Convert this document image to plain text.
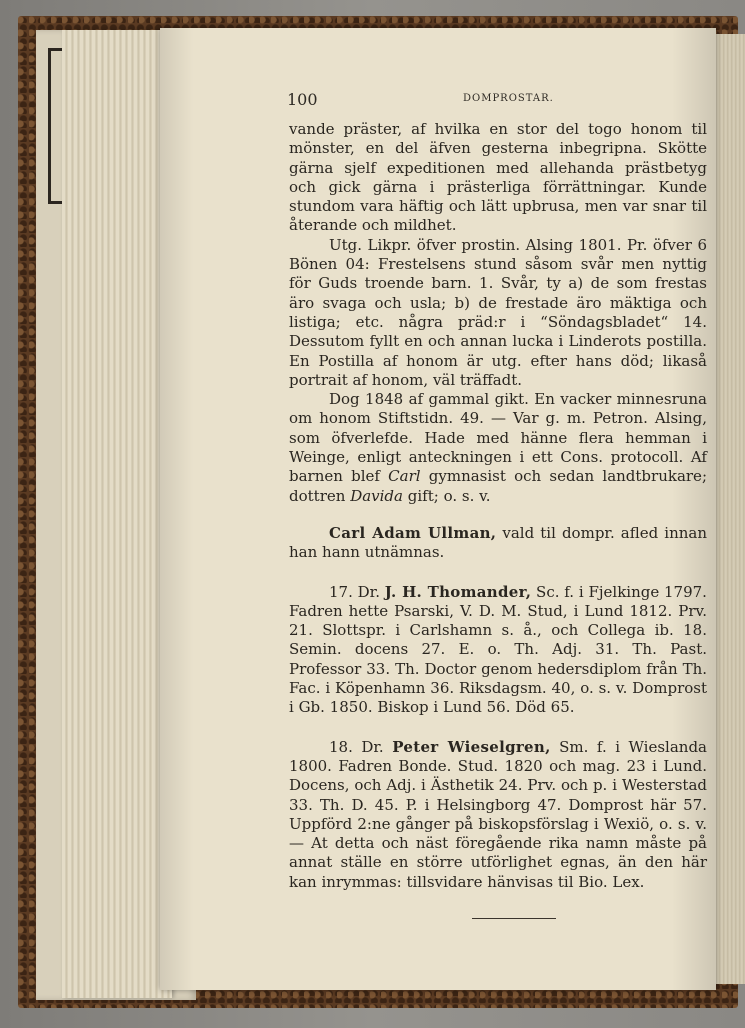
100	DOMPROSTAR.

vande präster, af hvilka en stor del togo honom til mönster, en del äfven gesterna inbegripna. Skötte gärna sjelf expeditionen med allehanda prästbetyg och gick gärna i prästerliga förrättningar. Kunde stundom vara häftig och lätt upbrusa, men var snar til återande och mildhet.

Utg. Likpr. öfver prostin. Alsing 1801. Pr. öfver 6 Bönen 04: Frestelsens stund såsom svår men nyttig för Guds troende barn. 1. Svår, ty a) de som frestas äro svaga och usla; b) de frestade äro mäktiga och listiga; etc. några präd:r i “Söndagsbladet“ 14. Dessutom fyllt en och annan lucka i Linderots postilla. En Postilla af honom är utg. efter hans död; likaså portrait af honom, väl träffadt.

Dog 1848 af gammal gikt. En vacker minnesruna om honom Stiftstidn. 49. — Var g. m. Petron. Alsing, som öfverlefde. Hade med hänne flera hemman i Weinge, enligt anteckningen i ett Cons. protocoll. Af barnen blef Carl gymnasist och sedan landtbrukare; dottren Davida gift; o. s. v.

Carl Adam Ullman, vald til dompr. afled innan han hann utnämnas.

17. Dr. J. H. Thomander, Sc. f. i Fjelkinge 1797. Fadren hette Psarski, V. D. M. Stud, i Lund 1812. Prv. 21. Slottspr. i Carlshamn s. å., och Collega ib. 18. Semin. docens 27. E. o. Th. Adj. 31. Th. Past. Professor 33. Th. Doctor genom hedersdiplom från Th. Fac. i Köpenhamn 36. Riksdagsm. 40, o. s. v. Domprost i Gb. 1850. Biskop i Lund 56. Död 65.

18. Dr. Peter Wieselgren, Sm. f. i Wieslanda 1800. Fadren Bonde. Stud. 1820 och mag. 23 i Lund. Docens, och Adj. i Ästhetik 24. Prv. och p. i Westerstad 33. Th. D. 45. P. i Helsingborg 47. Domprost här 57. Uppförd 2:ne gånger på biskopsförslag i Wexiö, o. s. v. — At detta och näst föregående rika namn måste på annat ställe en större utförlighet egnas, än den här kan inrymmas: tillsvidare hänvisas til Bio. Lex.
